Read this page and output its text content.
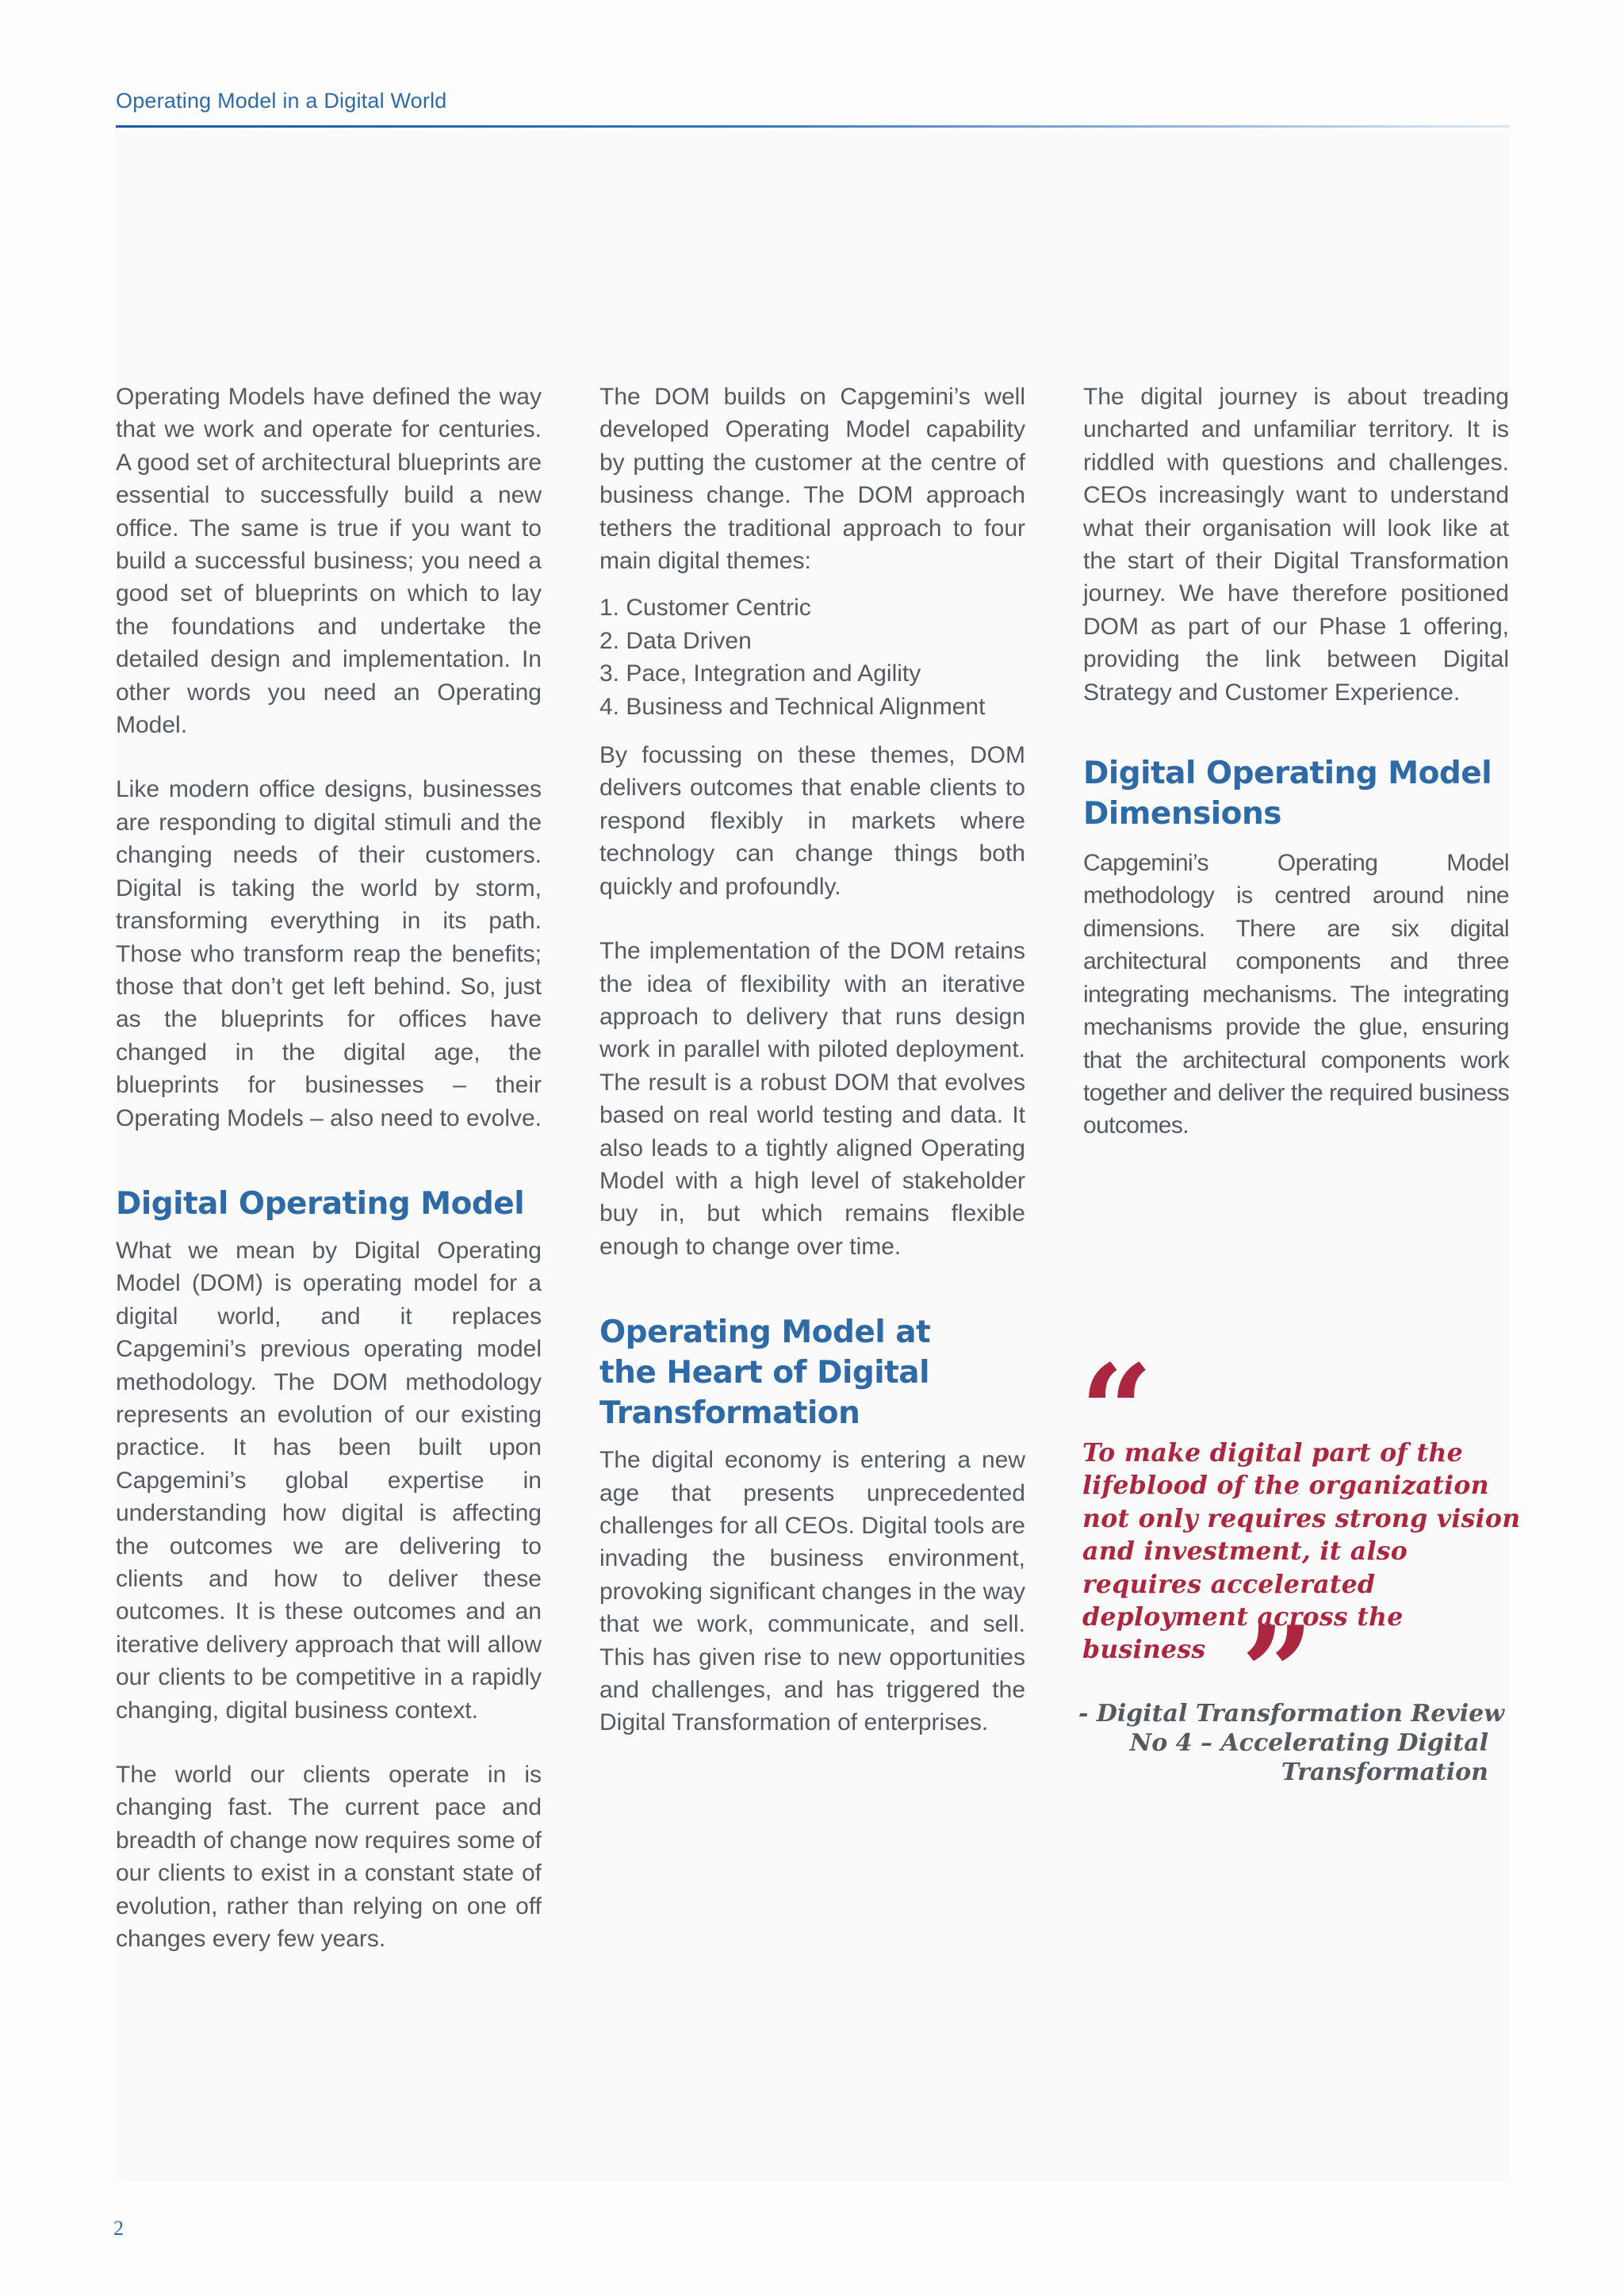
Operating Model in a Digital World

Operating Models have defined the way that we work and operate for centuries. A good set of architectural blueprints are essential to successfully build a new office. The same is true if you want to build a successful business; you need a good set of blueprints on which to lay the foundations and undertake the detailed design and implementation. In other words you need an Operating Model.

Like modern office designs, businesses are responding to digital stimuli and the changing needs of their customers. Digital is taking the world by storm, transforming everything in its path. Those who transform reap the benefits; those that don’t get left behind. So, just as the blueprints for offices have changed in the digital age, the blueprints for businesses – their Operating Models – also need to evolve.

Digital Operating Model

What we mean by Digital Operating Model (DOM) is operating model for a digital world, and it replaces Capgemini’s previous operating model methodology. The DOM methodology represents an evolution of our existing practice. It has been built upon Capgemini’s global expertise in understanding how digital is affecting the outcomes we are delivering to clients and how to deliver these outcomes. It is these outcomes and an iterative delivery approach that will allow our clients to be competitive in a rapidly changing, digital business context.

The world our clients operate in is changing fast. The current pace and breadth of change now requires some of our clients to exist in a constant state of evolution, rather than relying on one off changes every few years.

The DOM builds on Capgemini’s well developed Operating Model capability by putting the customer at the centre of business change. The DOM approach tethers the traditional approach to four main digital themes:

1. Customer Centric

2. Data Driven

3. Pace, Integration and Agility

4. Business and Technical Alignment

By focussing on these themes, DOM delivers outcomes that enable clients to respond flexibly in markets where technology can change things both quickly and profoundly.

The implementation of the DOM retains the idea of flexibility with an iterative approach to delivery that runs design work in parallel with piloted deployment. The result is a robust DOM that evolves based on real world testing and data. It also leads to a tightly aligned Operating Model with a high level of stakeholder buy in, but which remains flexible enough to change over time.

Operating Model at
the Heart of Digital
Transformation

The digital economy is entering a new age that presents unprecedented challenges for all CEOs. Digital tools are invading the business environment, provoking significant changes in the way that we work, communicate, and sell. This has given rise to new opportunities and challenges, and has triggered the Digital Transformation of enterprises.

The digital journey is about treading uncharted and unfamiliar territory. It is riddled with questions and challenges. CEOs increasingly want to understand what their organisation will look like at the start of their Digital Transformation journey. We have therefore positioned DOM as part of our Phase 1 offering, providing the link between Digital Strategy and Customer Experience.

Digital Operating Model
Dimensions

Capgemini’s Operating Model methodology is centred around nine dimensions. There are six digital architectural components and three integrating mechanisms. The integrating mechanisms provide the glue, ensuring that the architectural components work together and deliver the required business outcomes.

“
To make digital part of the lifeblood of the organization not only requires strong vision and investment, it also requires accelerated deployment across the business ”
- Digital Transformation Review
No 4 – Accelerating Digital
Transformation
2
